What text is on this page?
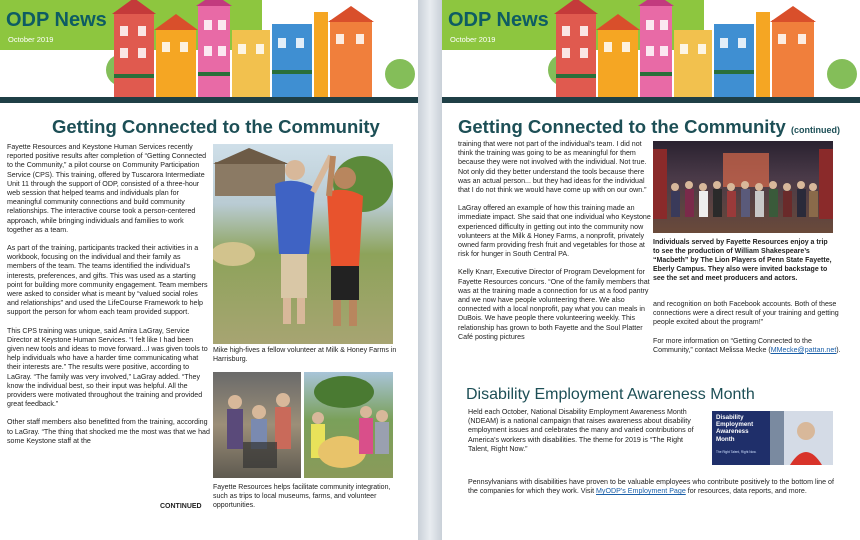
ODP News
October 2019
Getting Connected to the Community

Fayette Resources and Keystone Human Services recently reported positive results after completion of “Getting Connected to the Community,” a pilot course on Community Participation Service (CPS). This training, offered by Tuscarora Intermediate Unit 11 through the support of ODP, consisted of a three-hour web session that helped teams and individuals plan for meaningful community connections and build community relationships. The interactive course took a person-centered approach, while bringing individuals and families to work together as a team.

As part of the training, participants tracked their activities in a workbook, focusing on the individual and their family as members of the team. The teams identified the individual’s interests, preferences, and gifts. This was used as a starting point for building more community engagement. Team members were asked to consider what is meant by “valued social roles and relationships” and used the LifeCourse Framework to help support the person for whom each team provided support.

This CPS training was unique, said Amira LaGray, Service Director at Keystone Human Services. “I felt like I had been given new tools and ideas to move forward...I was given tools to help individuals who have a harder time communicating what their interests are.” The results were positive, according to LaGray. “The family was very involved,” LaGray added. “They know the individual best, so their input was helpful. All the providers were motivated throughout the training and provided great feedback.”

Other staff members also benefitted from the training, according to LaGray. “The thing that shocked me the most was that we had some Keystone staff at the

CONTINUED
Mike high-fives a fellow volunteer at Milk & Honey Farms in Harrisburg.
Fayette Resources helps facilitate community integration, such as trips to local museums, farms, and volunteer opportunities.
ODP News
October 2019
Getting Connected to the Community (continued)

training that were not part of the individual’s team. I did not think the training was going to be as meaningful for them because they were not involved with the individual. Not true. Not only did they better understand the tools because there was an actual person... but they had ideas for the individual that I do not think we would have come up with on our own.”

LaGray offered an example of how this training made an immediate impact. She said that one individual who Keystone experienced difficulty in getting out into the community now volunteers at the Milk & Honey Farms, a nonprofit, privately owned farm providing fresh fruit and vegetables for those at risk for hunger in South Central PA.

Kelly Knarr, Executive Director of Program Development for Fayette Resources concurs. “One of the family members that was at the training made a connection for us at a food pantry and we now have people volunteering there. We also connected with a local nonprofit, pay what you can meals in DuBois. We have people there volunteering weekly. This relationship has grown to both Fayette and the Soul Platter Café posting pictures

Individuals served by Fayette Resources enjoy a trip to see the production of William Shakespeare’s “Macbeth” by The Lion Players of Penn State Fayette, Eberly Campus. They also were invited backstage to see the set and meet producers and actors.

and recognition on both Facebook accounts. Both of these connections were a direct result of your training and getting people excited about the program!”

For more information on “Getting Connected to the Community,” contact Melissa Mecke (MMecke@pattan.net).

Disability Employment Awareness Month

Held each October, National Disability Employment Awareness Month (NDEAM) is a national campaign that raises awareness about disability employment issues and celebrates the many and varied contributions of America’s workers with disabilities. The theme for 2019 is “The Right Talent, Right Now.”

Disability Employment Awareness Month
The Right Talent, Right Now.

Pennsylvanians with disabilities have proven to be valuable employees who contribute positively to the bottom line of the companies for which they work. Visit MyODP’s Employment Page for resources, data reports, and more.
